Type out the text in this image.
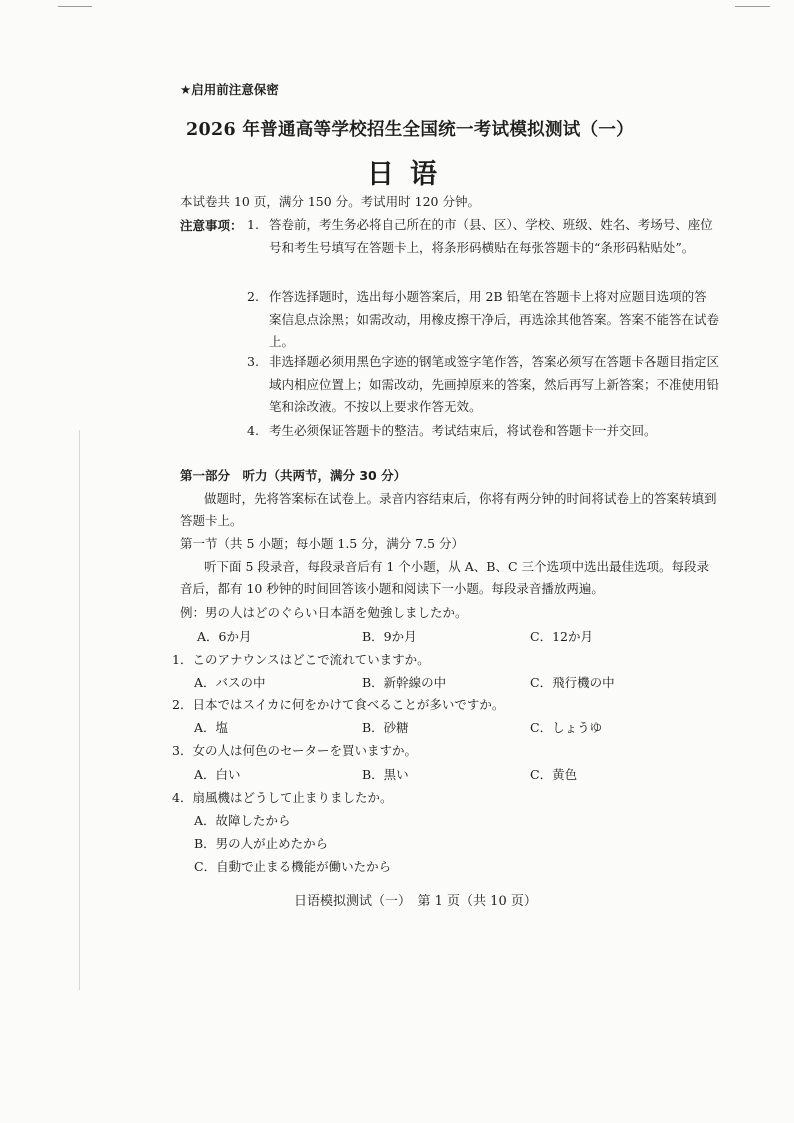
★启用前注意保密
2026 年普通高等学校招生全国统一考试模拟测试（一）
日语
本试卷共 10 页，满分 150 分。考试用时 120 分钟。
注意事项： 1. 答卷前，考生务必将自己所在的市（县、区）、学校、班级、姓名、考场号、座位号和考生号填写在答题卡上，将条形码横贴在每张答题卡的“条形码粘贴处”。
2. 作答选择题时，选出每小题答案后，用 2B 铅笔在答题卡上将对应题目选项的答案信息点涂黑；如需改动，用橡皮擦干净后，再选涂其他答案。答案不能答在试卷上。
3. 非选择题必须用黑色字迹的钢笔或签字笔作答，答案必须写在答题卡各题目指定区域内相应位置上；如需改动，先画掉原来的答案，然后再写上新答案；不准使用铅笔和涂改液。不按以上要求作答无效。
4. 考生必须保证答题卡的整洁。考试结束后，将试卷和答题卡一并交回。
第一部分　听力（共两节，满分 30 分）
做题时，先将答案标在试卷上。录音内容结束后，你将有两分钟的时间将试卷上的答案转填到答题卡上。
第一节（共 5 小题；每小题 1.5 分，满分 7.5 分）
听下面 5 段录音，每段录音后有 1 个小题，从 A、B、C 三个选项中选出最佳选项。每段录音后，都有 10 秒钟的时间回答该小题和阅读下一小题。每段录音播放两遍。
例：男の人はどのぐらい日本語を勉強しましたか。
A．6か月	B．9か月	C．12か月
1．このアナウンスはどこで流れていますか。
A．バスの中	B．新幹線の中	C．飛行機の中
2．日本ではスイカに何をかけて食べることが多いですか。
A．塩	B．砂糖	C．しょうゆ
3．女の人は何色のセーターを買いますか。
A．白い	B．黒い	C．黄色
4．扇風機はどうして止まりましたか。
A．故障したから
B．男の人が止めたから
C．自動で止まる機能が働いたから
日语模拟测试（一）　第 1 页（共 10 页）
